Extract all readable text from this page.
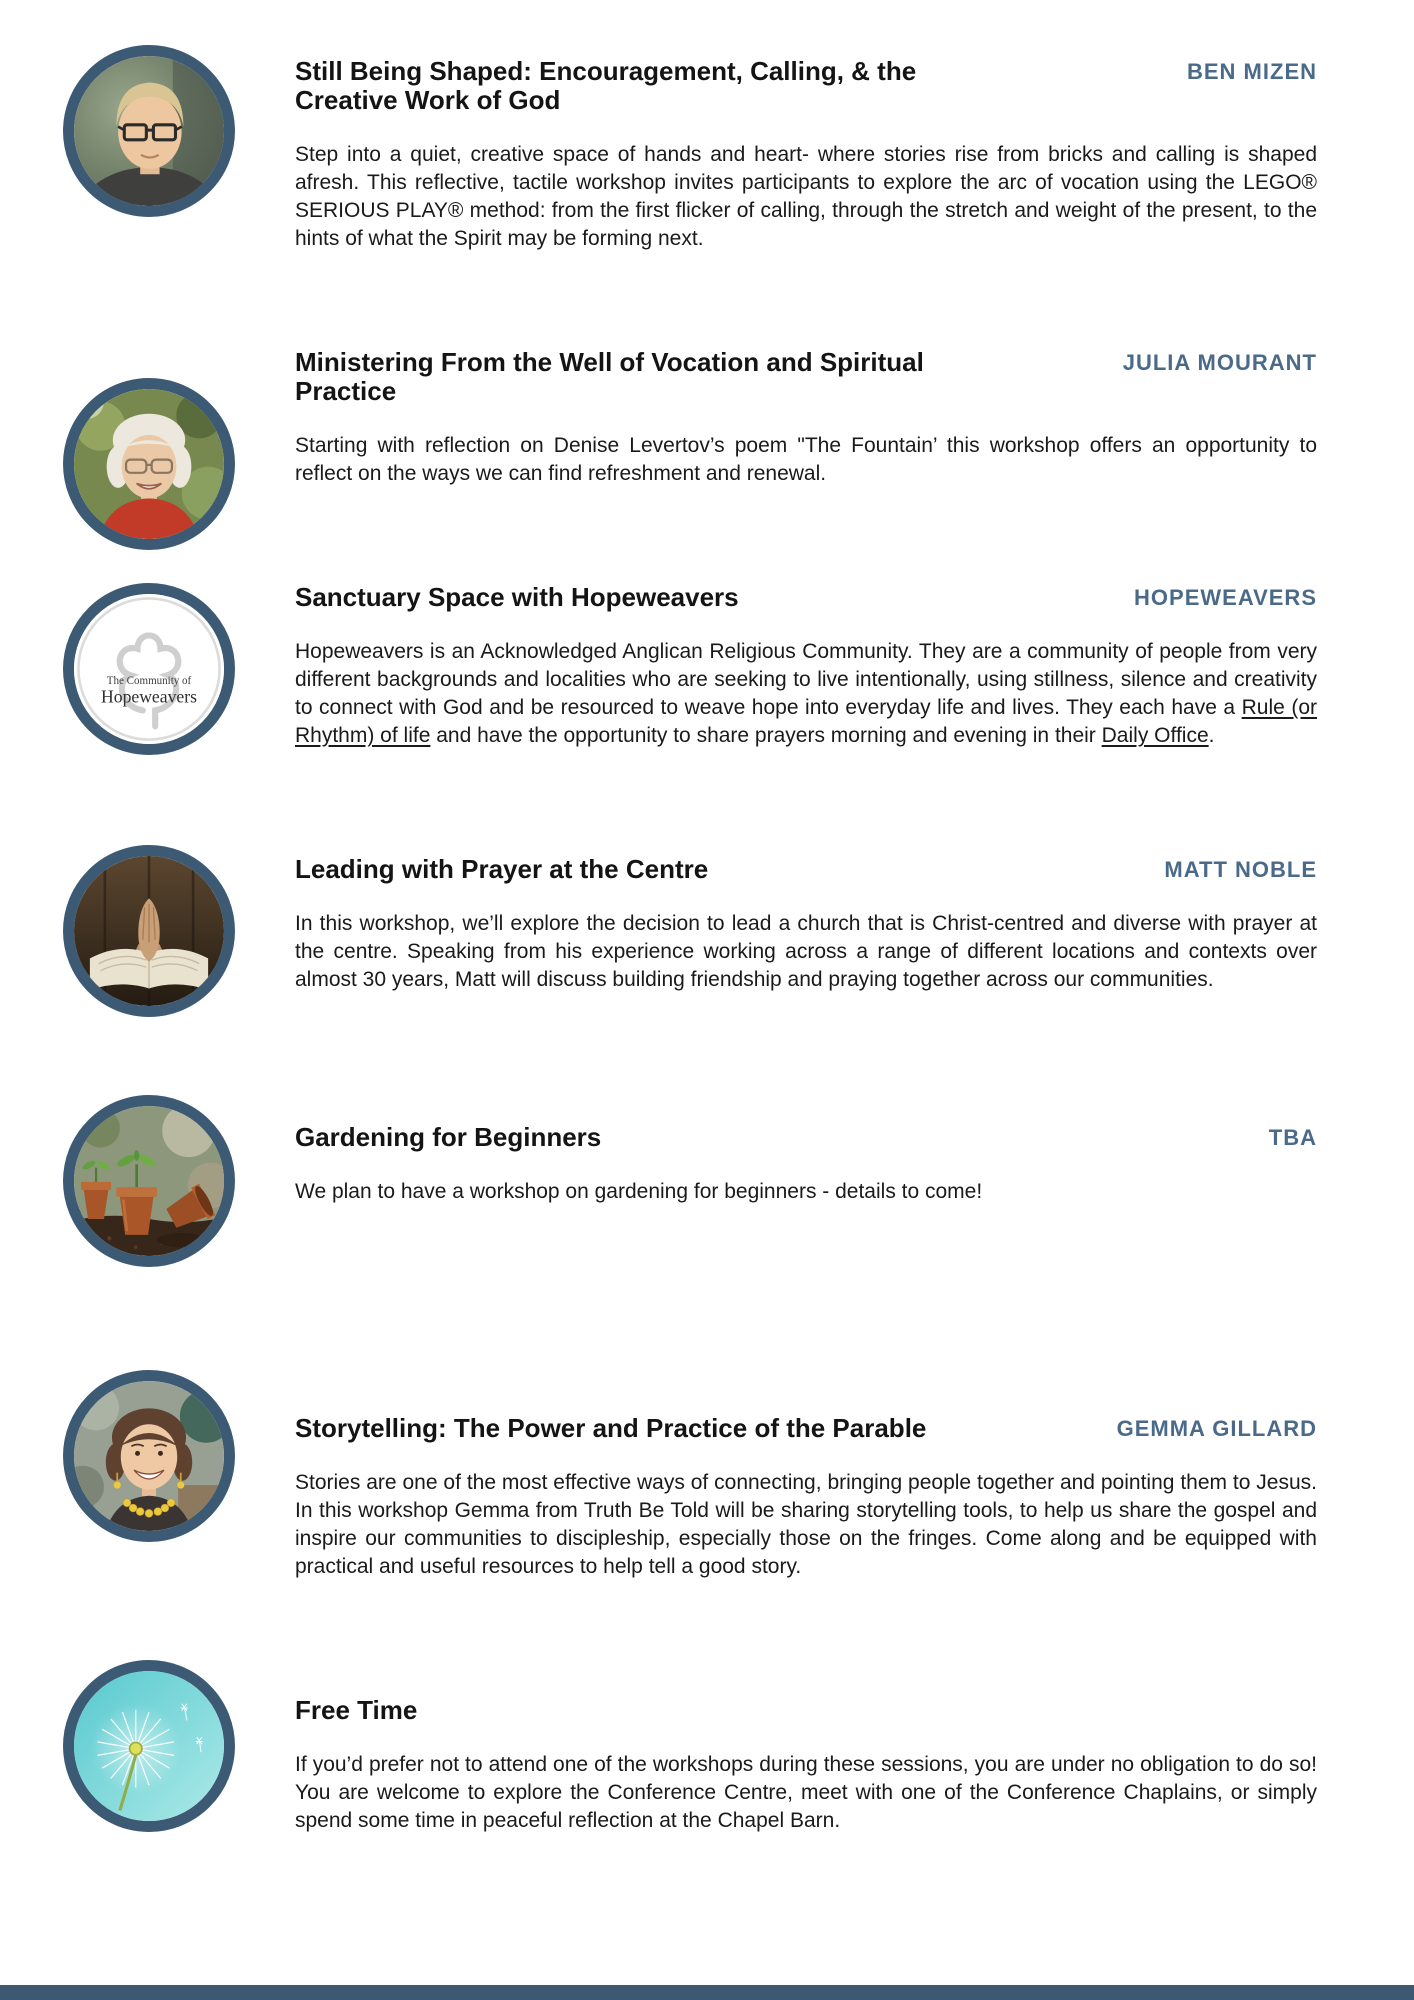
Still Being Shaped: Encouragement, Calling, & the Creative Work of God
BEN MIZEN

Step into a quiet, creative space of hands and heart- where stories rise from bricks and calling is shaped afresh. This reflective, tactile workshop invites participants to explore the arc of vocation using the LEGO® SERIOUS PLAY® method: from the first flicker of calling, through the stretch and weight of the present, to the hints of what the Spirit may be forming next.

Ministering From the Well of Vocation and Spiritual Practice
JULIA MOURANT

Starting with reflection on Denise Levertov’s poem "The Fountain’ this workshop offers an opportunity to reflect on the ways we can find refreshment and renewal.

The Community of
Hopeweavers
Sanctuary Space with Hopeweavers	HOPEWEAVERS

Hopeweavers is an Acknowledged Anglican Religious Community. They are a community of people from very different backgrounds and localities who are seeking to live intentionally, using stillness, silence and creativity to connect with God and be resourced to weave hope into everyday life and lives. They each have a Rule (or Rhythm) of life and have the opportunity to share prayers morning and evening in their Daily Office.

Leading with Prayer at the Centre	MATT NOBLE

In this workshop, we’ll explore the decision to lead a church that is Christ-centred and diverse with prayer at the centre. Speaking from his experience working across a range of different locations and contexts over almost 30 years, Matt will discuss building friendship and praying together across our communities.

Gardening for Beginners	TBA

We plan to have a workshop on gardening for beginners - details to come!

Storytelling: The Power and Practice of the Parable	GEMMA GILLARD

Stories are one of the most effective ways of connecting, bringing people together and pointing them to Jesus. In this workshop Gemma from Truth Be Told will be sharing storytelling tools, to help us share the gospel and inspire our communities to discipleship, especially those on the fringes. Come along and be equipped with practical and useful resources to help tell a good story.

Free Time

If you’d prefer not to attend one of the workshops during these sessions, you are under no obligation to do so! You are welcome to explore the Conference Centre, meet with one of the Conference Chaplains, or simply spend some time in peaceful reflection at the Chapel Barn.
